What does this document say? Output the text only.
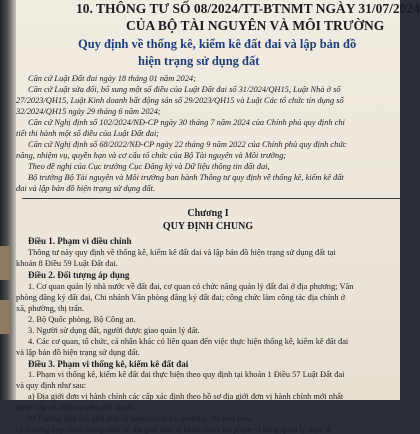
10. THÔNG TƯ SỐ 08/2024/TT-BTNMT NGÀY 31/07/2024
CỦA BỘ TÀI NGUYÊN VÀ MÔI TRƯỜNG
Quy định về thống kê, kiểm kê đất đai và lập bản đồ
hiện trạng sử dụng đất
Căn cứ Luật Đất đai ngày 18 tháng 01 năm 2024;
Căn cứ Luật sửa đổi, bổ sung một số điều của Luật Đất đai số 31/2024/QH15, Luật Nhà ở số
27/2023/QH15, Luật Kinh doanh bất động sản số 29/2023/QH15 và Luật Các tổ chức tín dụng số
32/2024/QH15 ngày 29 tháng 6 năm 2024;
Căn cứ Nghị định số 102/2024/NĐ-CP ngày 30 tháng 7 năm 2024 của Chính phủ quy định chi
tiết thi hành một số điều của Luật Đất đai;
Căn cứ Nghị định số 68/2022/NĐ-CP ngày 22 tháng 9 năm 2022 của Chính phủ quy định chức
năng, nhiệm vụ, quyền hạn và cơ cấu tổ chức của Bộ Tài nguyên và Môi trường;
Theo đề nghị của Cục trưởng Cục Đăng ký và Dữ liệu thông tin đất đai,
Bộ trưởng Bộ Tài nguyên và Môi trường ban hành Thông tư quy định về thống kê, kiểm kê đất
đai và lập bản đồ hiện trạng sử dụng đất.
Chương I
QUY ĐỊNH CHUNG
Điều 1. Phạm vi điều chỉnh
Thông tư này quy định về thống kê, kiểm kê đất đai và lập bản đồ hiện trạng sử dụng đất tại
khoản 8 Điều 59 Luật Đất đai.
Điều 2. Đối tượng áp dụng
1. Cơ quan quản lý nhà nước về đất đai, cơ quan có chức năng quản lý đất đai ở địa phương; Văn
phòng đăng ký đất đai, Chi nhánh Văn phòng đăng ký đất đai; công chức làm công tác địa chính ở
xã, phường, thị trấn.
2. Bộ Quốc phòng, Bộ Công an.
3. Người sử dụng đất, người được giao quản lý đất.
4. Các cơ quan, tổ chức, cá nhân khác có liên quan đến việc thực hiện thống kê, kiểm kê đất đai
và lập bản đồ hiện trạng sử dụng đất.
Điều 3. Phạm vi thống kê, kiểm kê đất đai
1. Phạm vi thống kê, kiểm kê đất đai thực hiện theo quy định tại khoản 1 Điều 57 Luật Đất đai
và quy định như sau:
a) Địa giới đơn vị hành chính các cấp xác định theo hồ sơ địa giới đơn vị hành chính mới nhất
được cấp có thẩm quyền phê duyệt;
b) Trường hợp địa giới đơn vị hành chính xã, phường, thị trấn (sau
c) Trường hợp chưa thống nhất về địa giới đơn vị hành chính thì phạm vi đang quản lý thực tế
